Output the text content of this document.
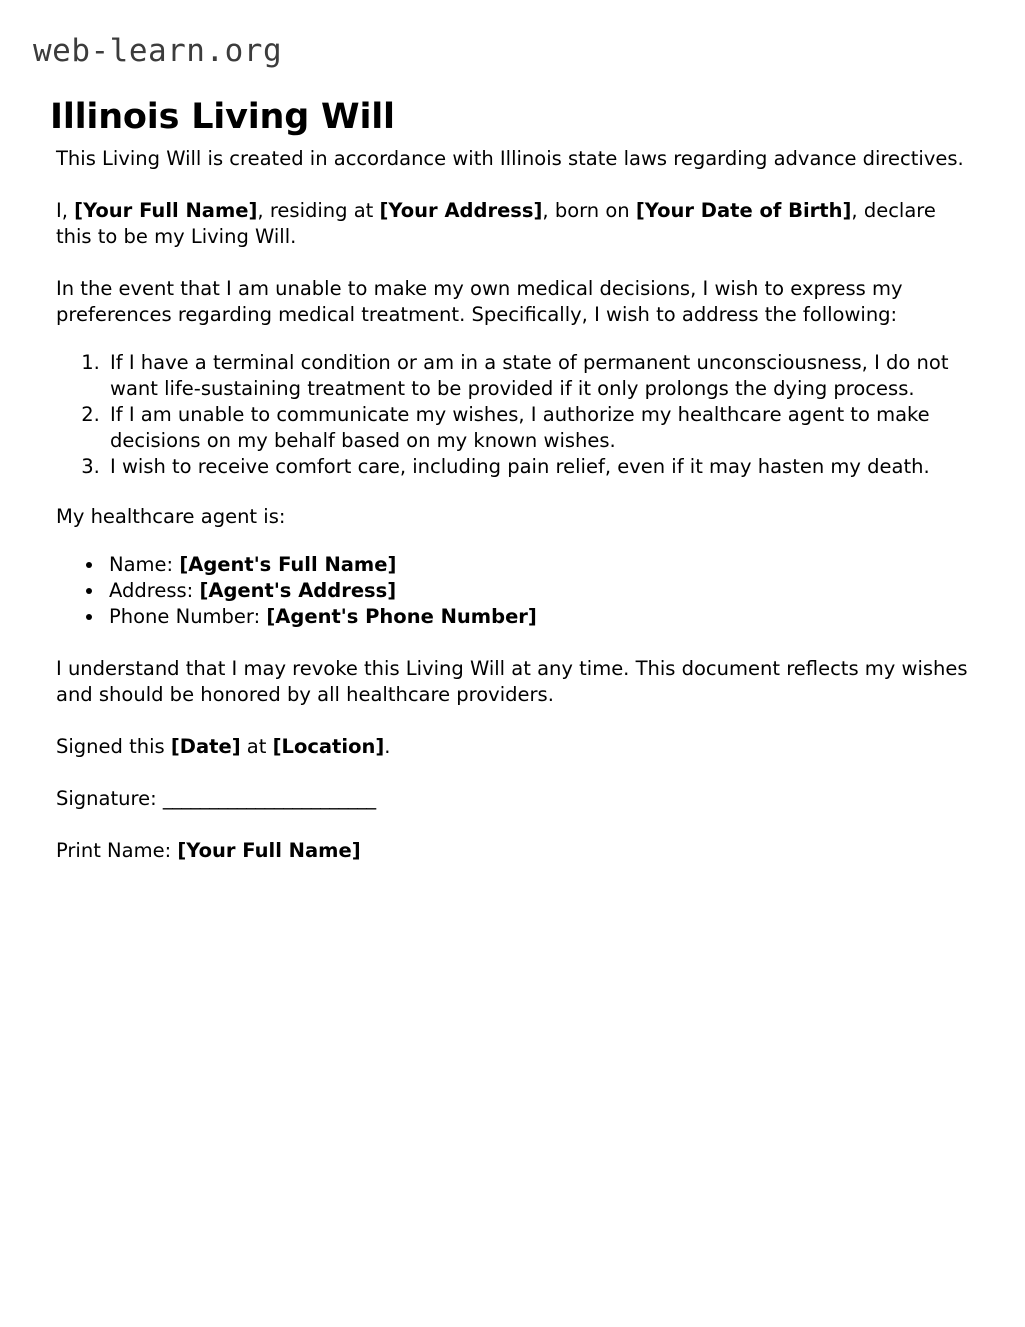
web-learn.org
Illinois Living Will

This Living Will is created in accordance with Illinois state laws regarding advance directives.

I, [Your Full Name], residing at [Your Address], born on [Your Date of Birth], declare this to be my Living Will.

In the event that I am unable to make my own medical decisions, I wish to express my preferences regarding medical treatment. Specifically, I wish to address the following:

1. If I have a terminal condition or am in a state of permanent unconsciousness, I do not want life-sustaining treatment to be provided if it only prolongs the dying process.
2. If I am unable to communicate my wishes, I authorize my healthcare agent to make decisions on my behalf based on my known wishes.
3. I wish to receive comfort care, including pain relief, even if it may hasten my death.

My healthcare agent is:

• Name: [Agent's Full Name]
• Address: [Agent's Address]
• Phone Number: [Agent's Phone Number]

I understand that I may revoke this Living Will at any time. This document reflects my wishes and should be honored by all healthcare providers.

Signed this [Date] at [Location].

Signature: _______________________

Print Name: [Your Full Name]
